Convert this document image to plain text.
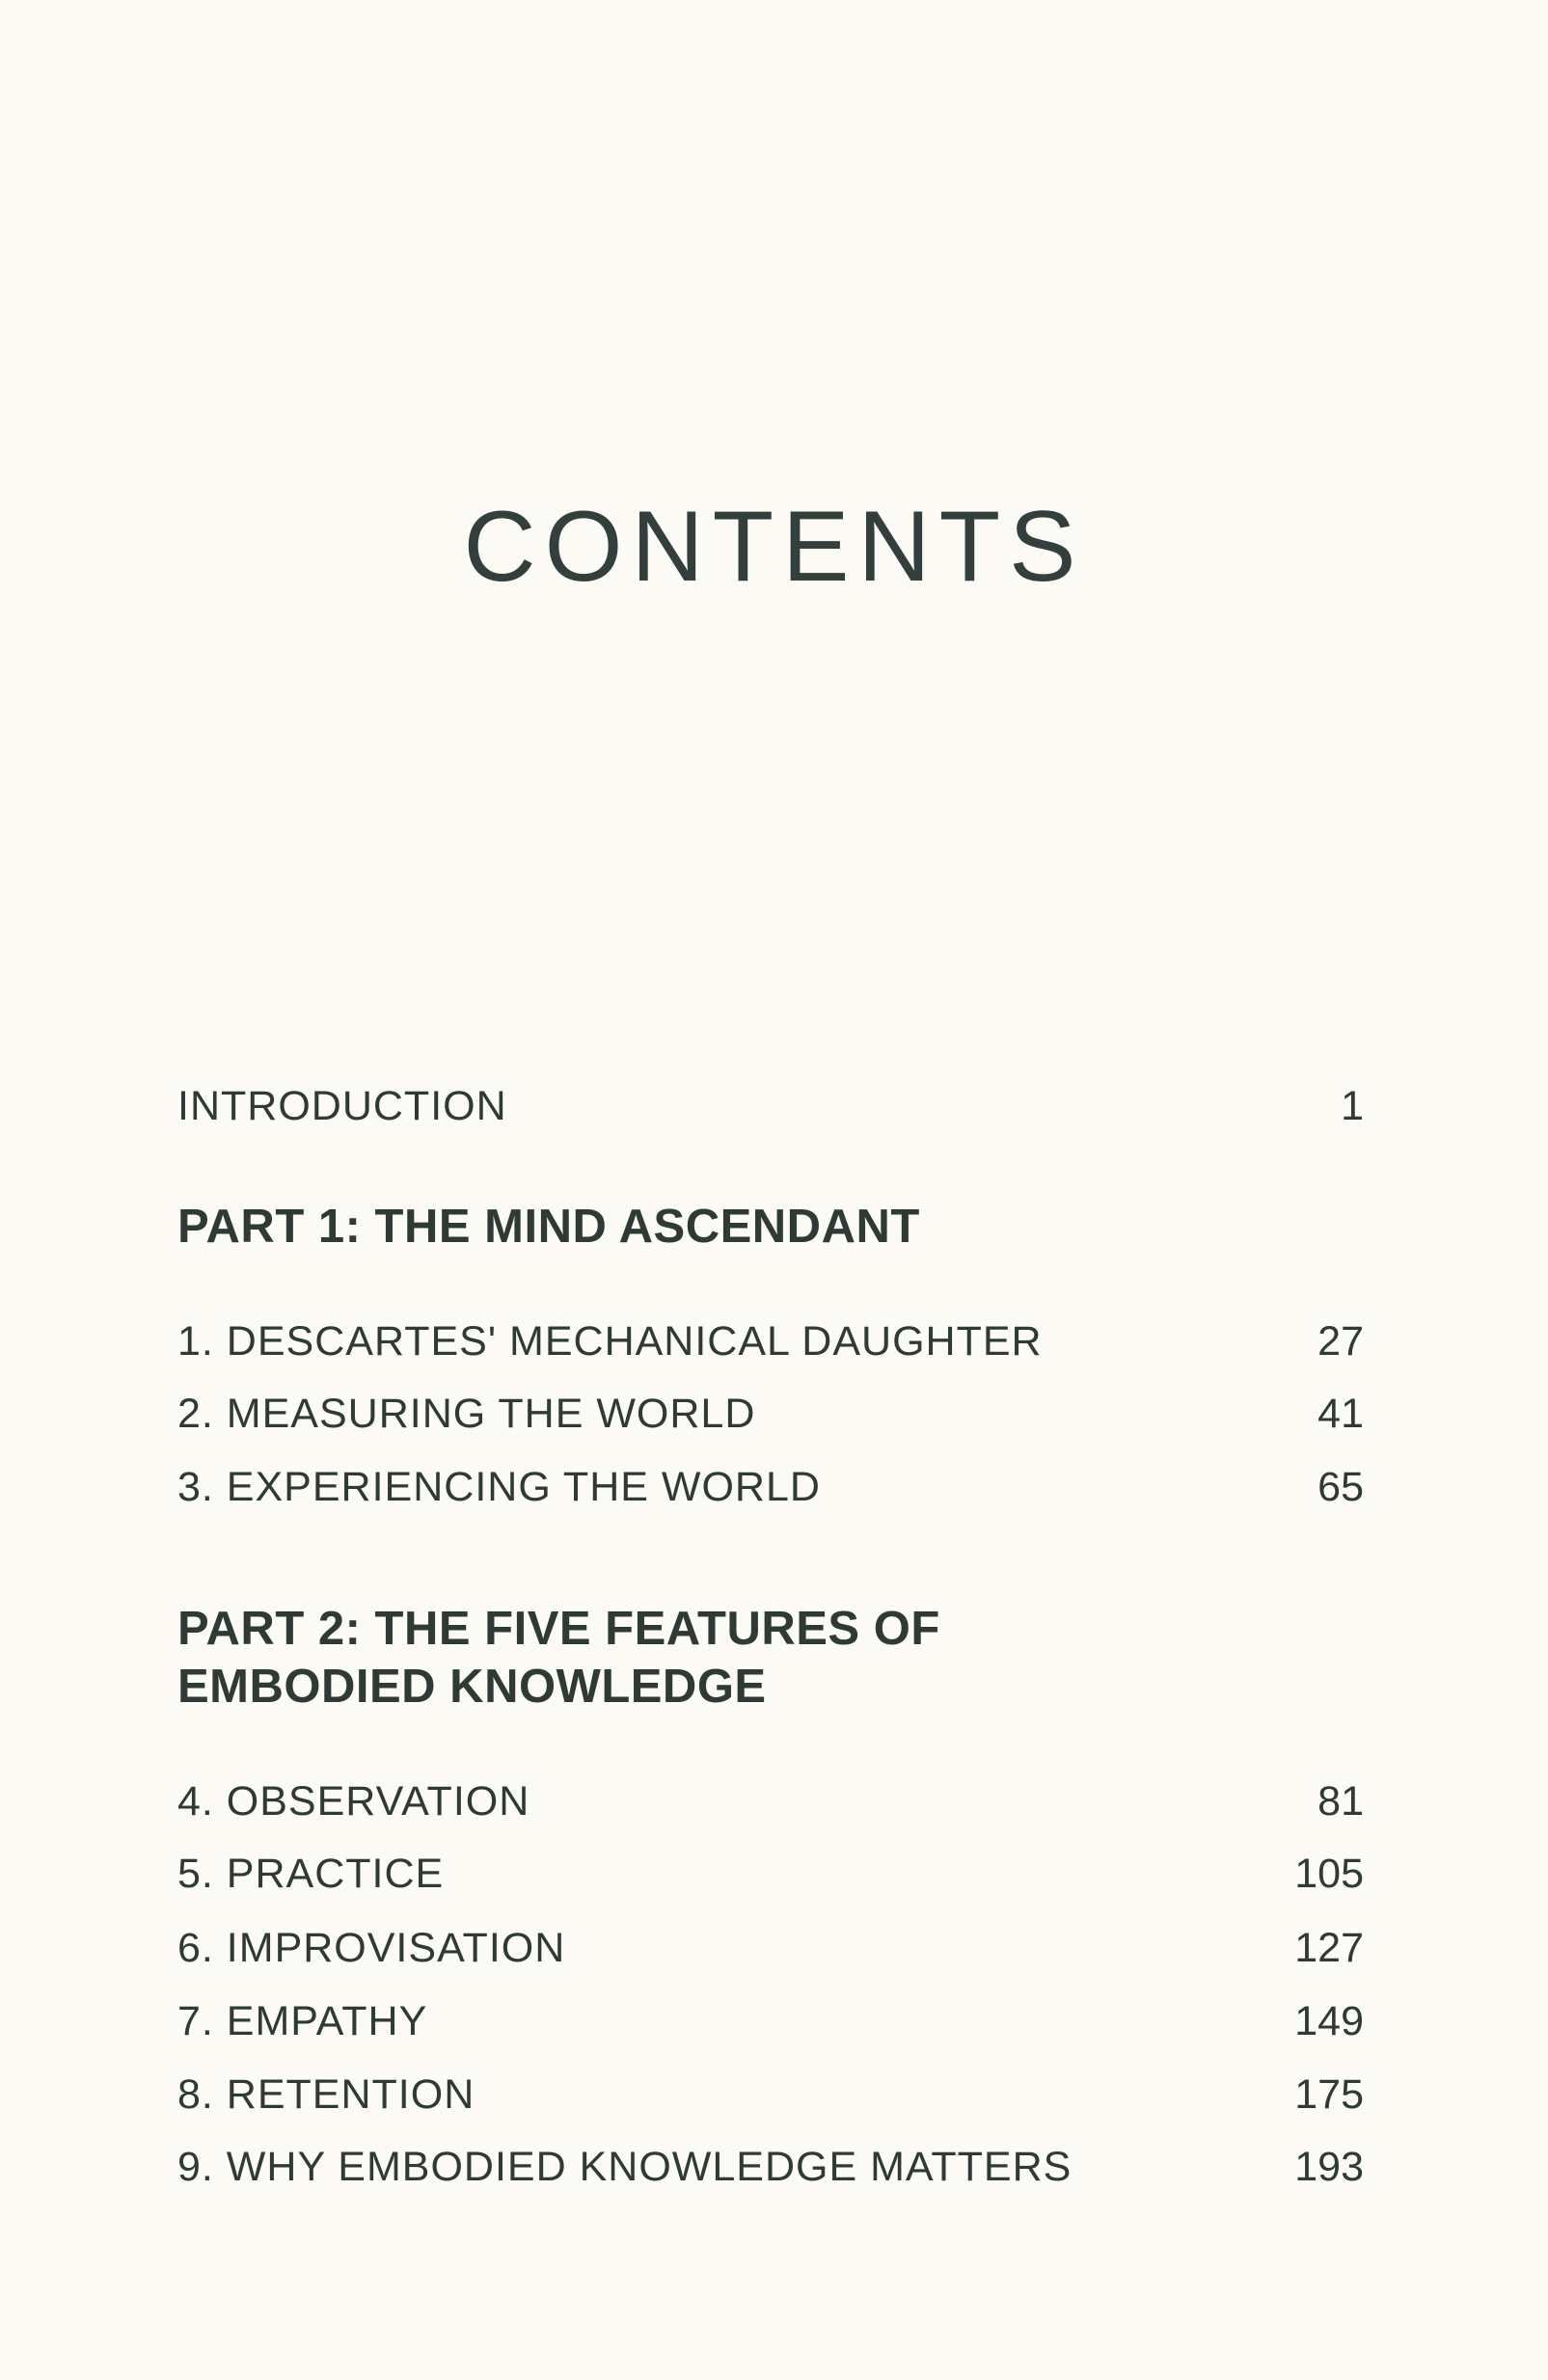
CONTENTS
INTRODUCTION	1
PART 1: THE MIND ASCENDANT
1. DESCARTES' MECHANICAL DAUGHTER	27
2. MEASURING THE WORLD	41
3. EXPERIENCING THE WORLD	65
PART 2: THE FIVE FEATURES OF
EMBODIED KNOWLEDGE
4. OBSERVATION	81
5. PRACTICE	105
6. IMPROVISATION	127
7. EMPATHY	149
8. RETENTION	175
9. WHY EMBODIED KNOWLEDGE MATTERS	193
